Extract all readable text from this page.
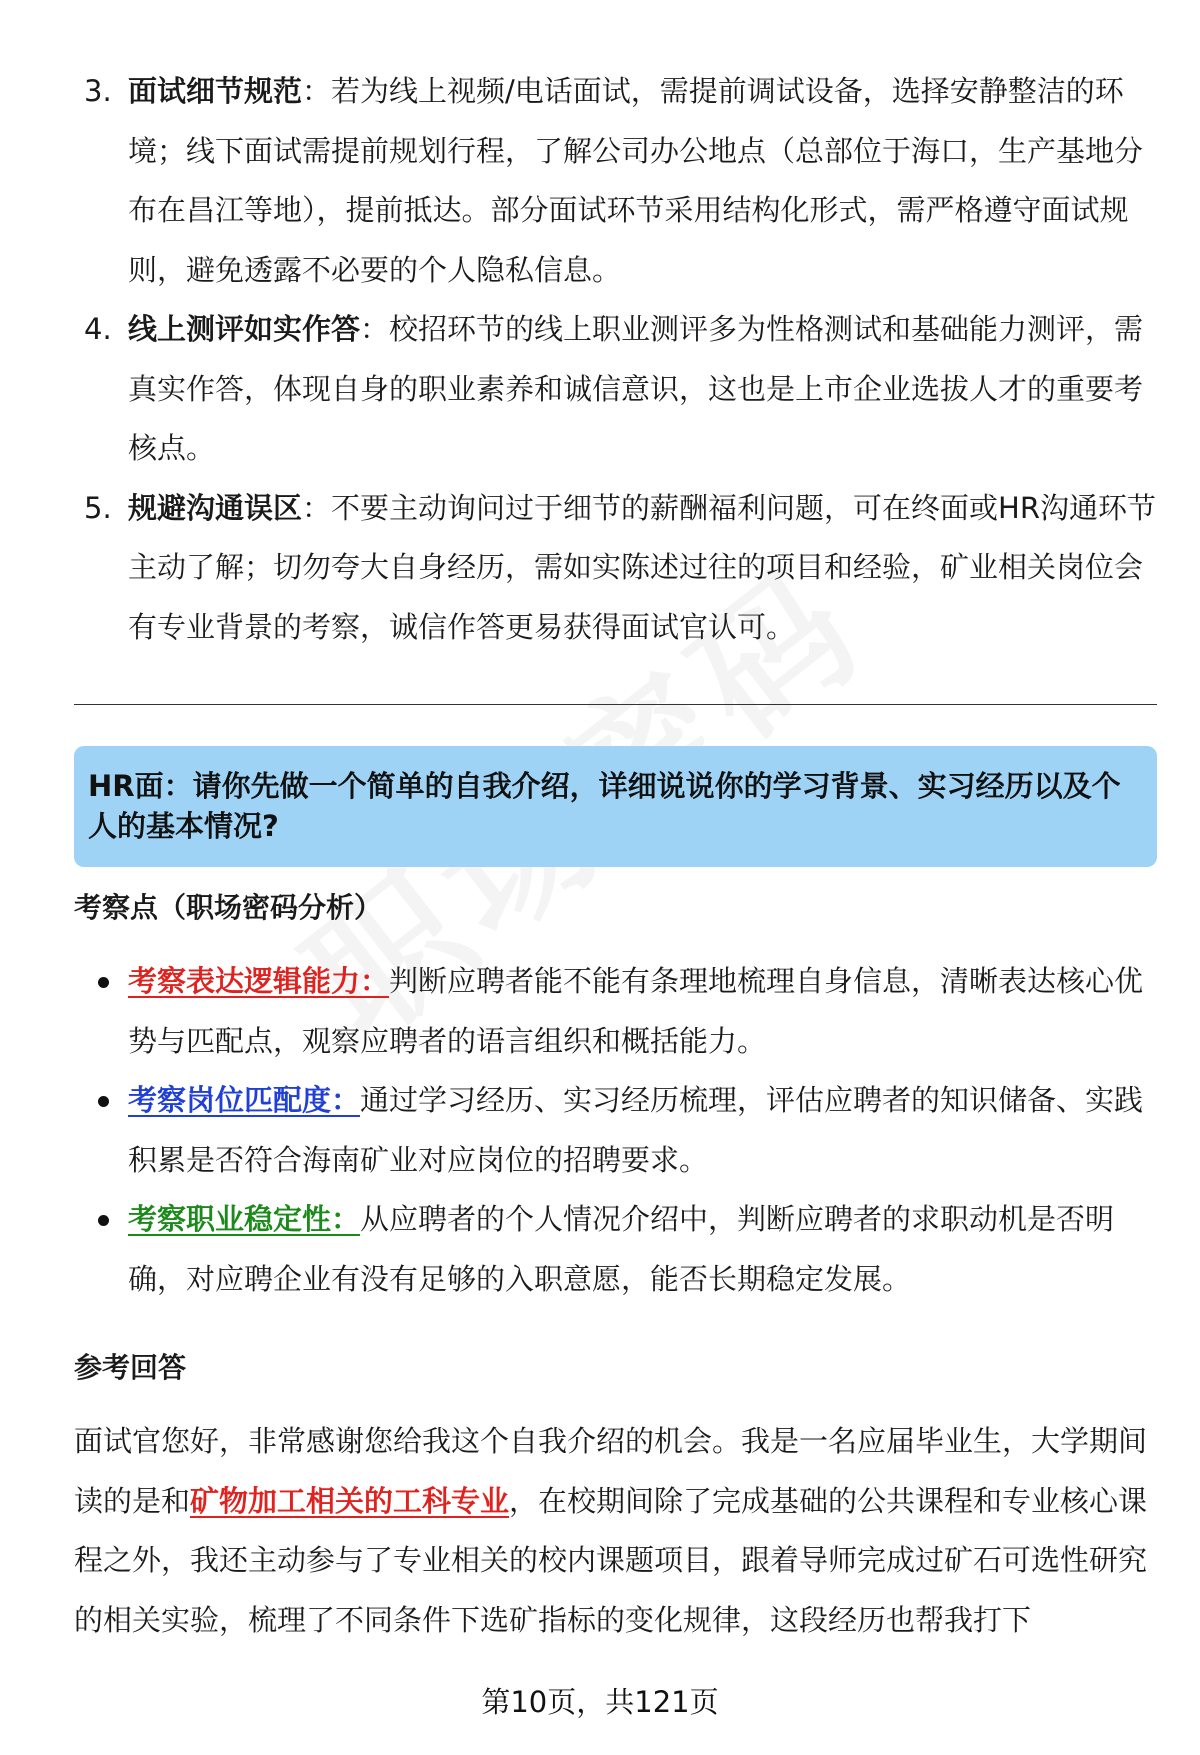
3. 面试细节规范：若为线上视频/电话面试，需提前调试设备，选择安静整洁的环境；线下面试需提前规划行程，了解公司办公地点（总部位于海口，生产基地分布在昌江等地），提前抵达。部分面试环节采用结构化形式，需严格遵守面试规则，避免透露不必要的个人隐私信息。
4. 线上测评如实作答：校招环节的线上职业测评多为性格测试和基础能力测评，需真实作答，体现自身的职业素养和诚信意识，这也是上市企业选拔人才的重要考核点。
5. 规避沟通误区：不要主动询问过于细节的薪酬福利问题，可在终面或HR沟通环节主动了解；切勿夸大自身经历，需如实陈述过往的项目和经验，矿业相关岗位会有专业背景的考察，诚信作答更易获得面试官认可。
HR面：请你先做一个简单的自我介绍，详细说说你的学习背景、实习经历以及个人的基本情况?
考察点（职场密码分析）
考察表达逻辑能力：判断应聘者能不能有条理地梳理自身信息，清晰表达核心优势与匹配点，观察应聘者的语言组织和概括能力。
考察岗位匹配度：通过学习经历、实习经历梳理，评估应聘者的知识储备、实践积累是否符合海南矿业对应岗位的招聘要求。
考察职业稳定性：从应聘者的个人情况介绍中，判断应聘者的求职动机是否明确，对应聘企业有没有足够的入职意愿，能否长期稳定发展。
参考回答

面试官您好，非常感谢您给我这个自我介绍的机会。我是一名应届毕业生，大学期间读的是和矿物加工相关的工科专业，在校期间除了完成基础的公共课程和专业核心课程之外，我还主动参与了专业相关的校内课题项目，跟着导师完成过矿石可选性研究的相关实验，梳理了不同条件下选矿指标的变化规律，这段经历也帮我打下

第10页，共121页
